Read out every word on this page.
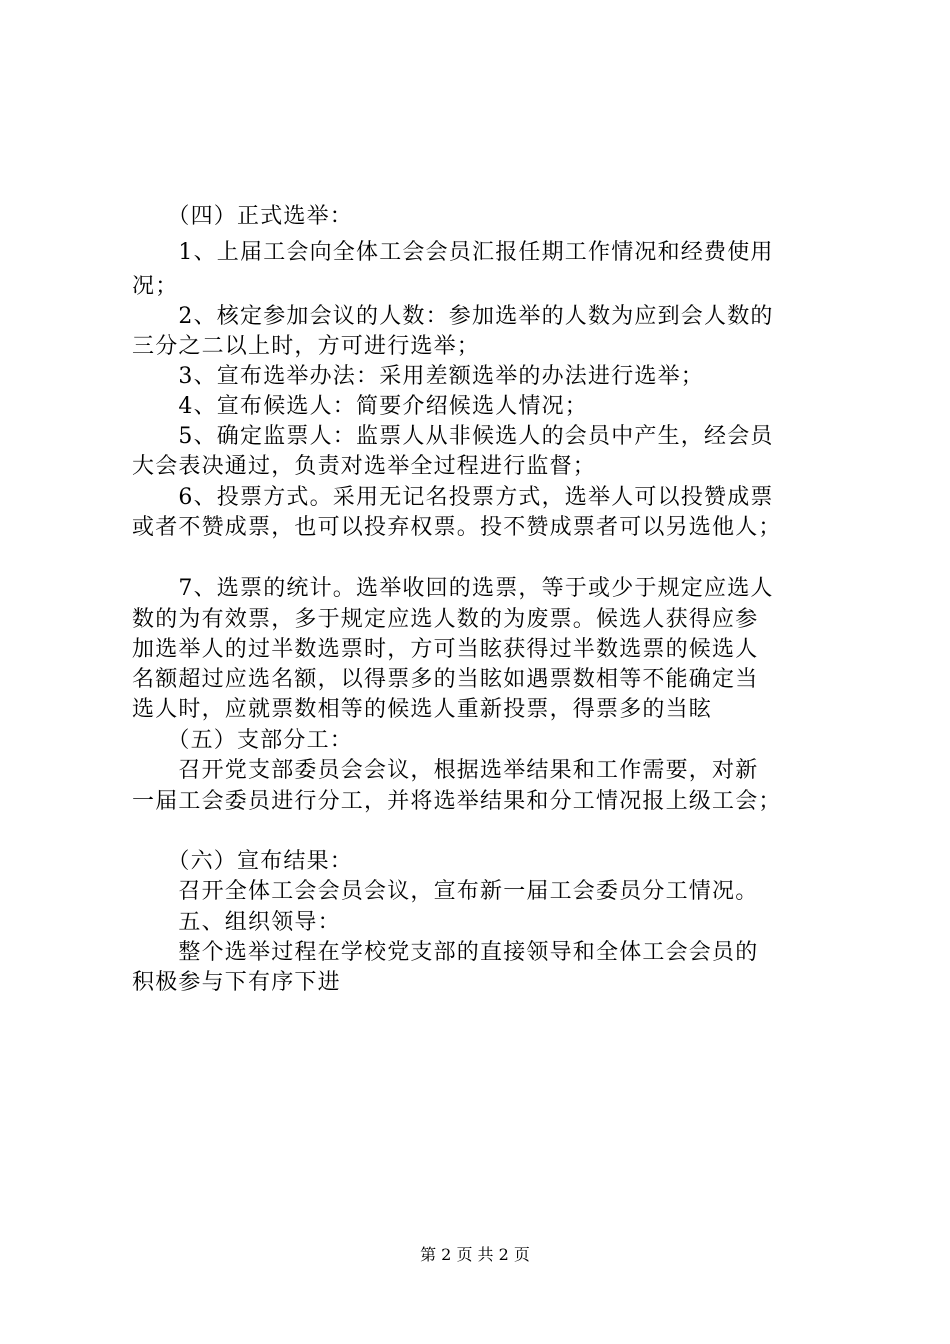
　　（四）正式选举：
　　1、上届工会向全体工会会员汇报任期工作情况和经费使用
况；
　　2、核定参加会议的人数：参加选举的人数为应到会人数的
三分之二以上时，方可进行选举；
　　3、宣布选举办法：采用差额选举的办法进行选举；
　　4、宣布候选人：简要介绍候选人情况；
　　5、确定监票人：监票人从非候选人的会员中产生，经会员
大会表决通过，负责对选举全过程进行监督；
　　6、投票方式。采用无记名投票方式，选举人可以投赞成票
或者不赞成票，也可以投弃权票。投不赞成票者可以另选他人；
　　7、选票的统计。选举收回的选票，等于或少于规定应选人
数的为有效票，多于规定应选人数的为废票。候选人获得应参
加选举人的过半数选票时，方可当眩获得过半数选票的候选人
名额超过应选名额，以得票多的当眩如遇票数相等不能确定当
选人时，应就票数相等的候选人重新投票，得票多的当眩
　　（五）支部分工：
　　召开党支部委员会会议，根据选举结果和工作需要，对新
一届工会委员进行分工，并将选举结果和分工情况报上级工会；
　　（六）宣布结果：
　　召开全体工会会员会议，宣布新一届工会委员分工情况。
　　五、组织领导：
　　整个选举过程在学校党支部的直接领导和全体工会会员的
积极参与下有序下进
第 2 页 共 2 页
